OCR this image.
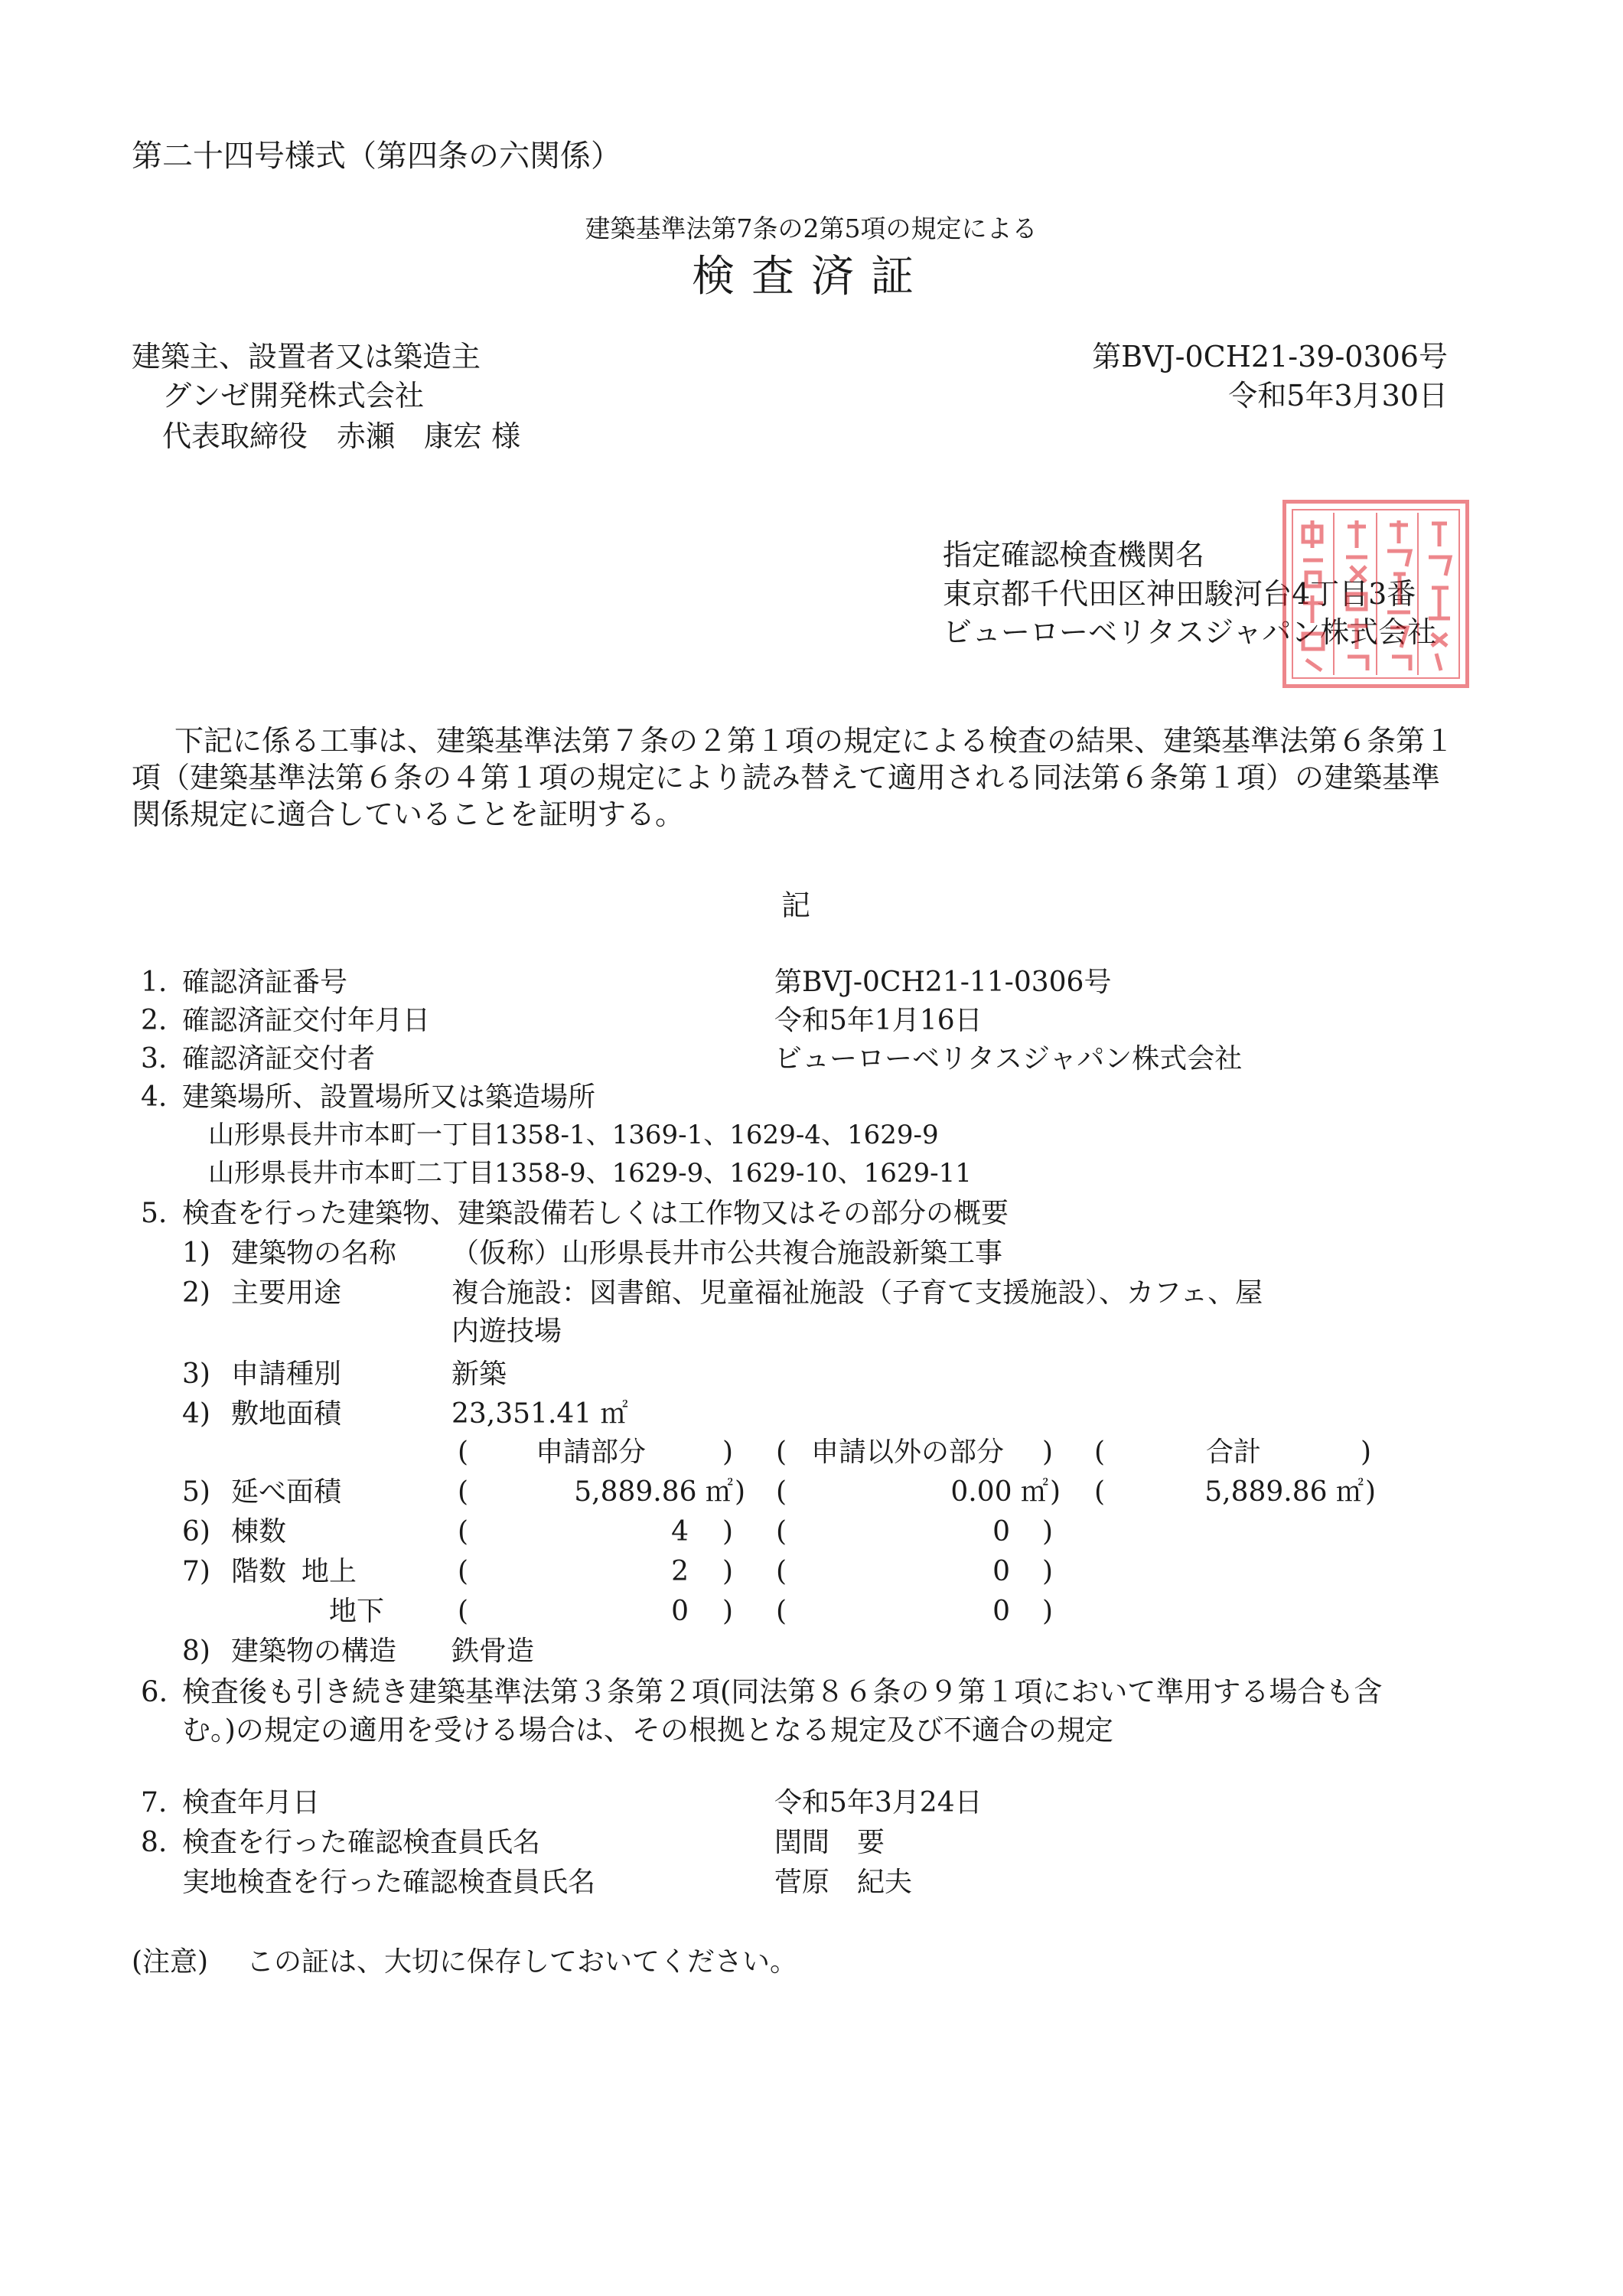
第二十四号様式（第四条の六関係）
建築基準法第7条の2第5項の規定による
検査済証
建築主、設置者又は築造主
グンゼ開発株式会社
代表取締役　赤瀬　康宏 様
第BVJ-0CH21-39-0306号
令和5年3月30日
指定確認検査機関名
東京都千代田区神田駿河台4丁目3番
ビューローベリタスジャパン株式会社
下記に係る工事は、建築基準法第７条の２第１項の規定による検査の結果、建築基準法第６条第１項（建築基準法第６条の４第１項の規定により読み替えて適用される同法第６条第１項）の建築基準関係規定に適合していることを証明する。
記
1. 確認済証番号	第BVJ-0CH21-11-0306号
2. 確認済証交付年月日	令和5年1月16日
3. 確認済証交付者	ビューローベリタスジャパン株式会社
4. 建築場所、設置場所又は築造場所
山形県長井市本町一丁目1358-1、1369-1、1629-4、1629-9
山形県長井市本町二丁目1358-9、1629-9、1629-10、1629-11
5. 検査を行った建築物、建築設備若しくは工作物又はその部分の概要
1) 建築物の名称 （仮称）山形県長井市公共複合施設新築工事
2) 主要用途	複合施設：図書館、児童福祉施設（子育て支援施設）、カフェ、屋
内遊技場
3) 申請種別	新築
4) 敷地面積	23,351.41 ㎡
( 申請部分	) ( 申請以外の部分 ) (	合計	)
5) 延べ面積	(	5,889.86 ㎡ ) (	0.00 ㎡ ) (	5,889.86 ㎡ )
6) 棟数	(	4 ) (	0 )
7) 階数 地上	(	2 ) (	0 )
地下	(	0 ) (	0 )
8) 建築物の構造 鉄骨造
6. 検査後も引き続き建築基準法第３条第２項(同法第８６条の９第１項において準用する場合も含
む。)の規定の適用を受ける場合は、その根拠となる規定及び不適合の規定
7. 検査年月日	令和5年3月24日
8. 検査を行った確認検査員氏名	閏間　要
実地検査を行った確認検査員氏名	菅原　紀夫
(注意) この証は、大切に保存しておいてください。
